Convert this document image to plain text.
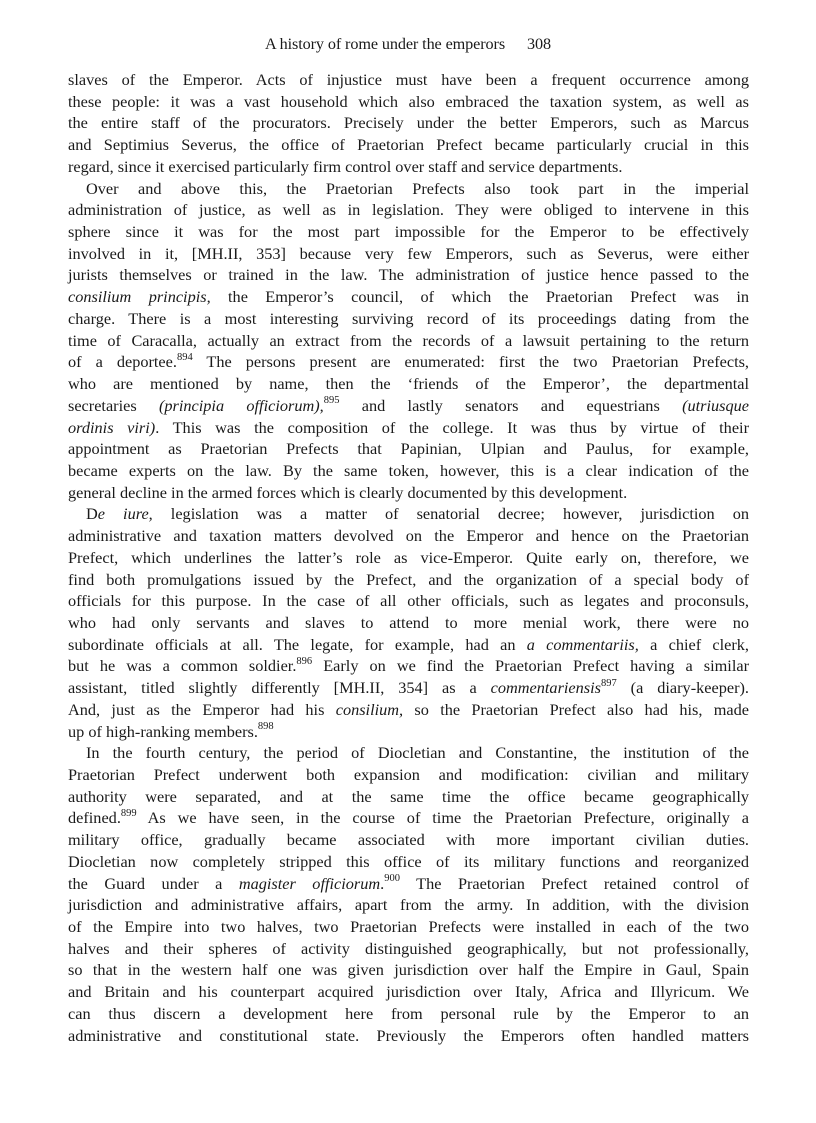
A history of rome under the emperors 308
slaves of the Emperor. Acts of injustice must have been a frequent occurrence among
these people: it was a vast household which also embraced the taxation system, as well as
the entire staff of the procurators. Precisely under the better Emperors, such as Marcus
and Septimius Severus, the office of Praetorian Prefect became particularly crucial in this
regard, since it exercised particularly firm control over staff and service departments.
Over and above this, the Praetorian Prefects also took part in the imperial
administration of justice, as well as in legislation. They were obliged to intervene in this
sphere since it was for the most part impossible for the Emperor to be effectively
involved in it, [MH.II, 353] because very few Emperors, such as Severus, were either
jurists themselves or trained in the law. The administration of justice hence passed to the
consilium principis, the Emperor’s council, of which the Praetorian Prefect was in
charge. There is a most interesting surviving record of its proceedings dating from the
time of Caracalla, actually an extract from the records of a lawsuit pertaining to the return
of a deportee.$^{894}$ The persons present are enumerated: first the two Praetorian Prefects,
who are mentioned by name, then the ‘friends of the Emperor’, the departmental
secretaries (principia officiorum),$^{895}$ and lastly senators and equestrians (utriusque
ordinis viri). This was the composition of the college. It was thus by virtue of their
appointment as Praetorian Prefects that Papinian, Ulpian and Paulus, for example,
became experts on the law. By the same token, however, this is a clear indication of the
general decline in the armed forces which is clearly documented by this development.
De iure, legislation was a matter of senatorial decree; however, jurisdiction on
administrative and taxation matters devolved on the Emperor and hence on the Praetorian
Prefect, which underlines the latter’s role as vice-Emperor. Quite early on, therefore, we
find both promulgations issued by the Prefect, and the organization of a special body of
officials for this purpose. In the case of all other officials, such as legates and proconsuls,
who had only servants and slaves to attend to more menial work, there were no
subordinate officials at all. The legate, for example, had an a commentariis, a chief clerk,
but he was a common soldier.$^{896}$ Early on we find the Praetorian Prefect having a similar
assistant, titled slightly differently [MH.II, 354] as a commentariensis$^{897}$ (a diary-keeper).
And, just as the Emperor had his consilium, so the Praetorian Prefect also had his, made
up of high-ranking members.$^{898}$
In the fourth century, the period of Diocletian and Constantine, the institution of the
Praetorian Prefect underwent both expansion and modification: civilian and military
authority were separated, and at the same time the office became geographically
defined.$^{899}$ As we have seen, in the course of time the Praetorian Prefecture, originally a
military office, gradually became associated with more important civilian duties.
Diocletian now completely stripped this office of its military functions and reorganized
the Guard under a magister officiorum.$^{900}$ The Praetorian Prefect retained control of
jurisdiction and administrative affairs, apart from the army. In addition, with the division
of the Empire into two halves, two Praetorian Prefects were installed in each of the two
halves and their spheres of activity distinguished geographically, but not professionally,
so that in the western half one was given jurisdiction over half the Empire in Gaul, Spain
and Britain and his counterpart acquired jurisdiction over Italy, Africa and Illyricum. We
can thus discern a development here from personal rule by the Emperor to an
administrative and constitutional state. Previously the Emperors often handled matters
